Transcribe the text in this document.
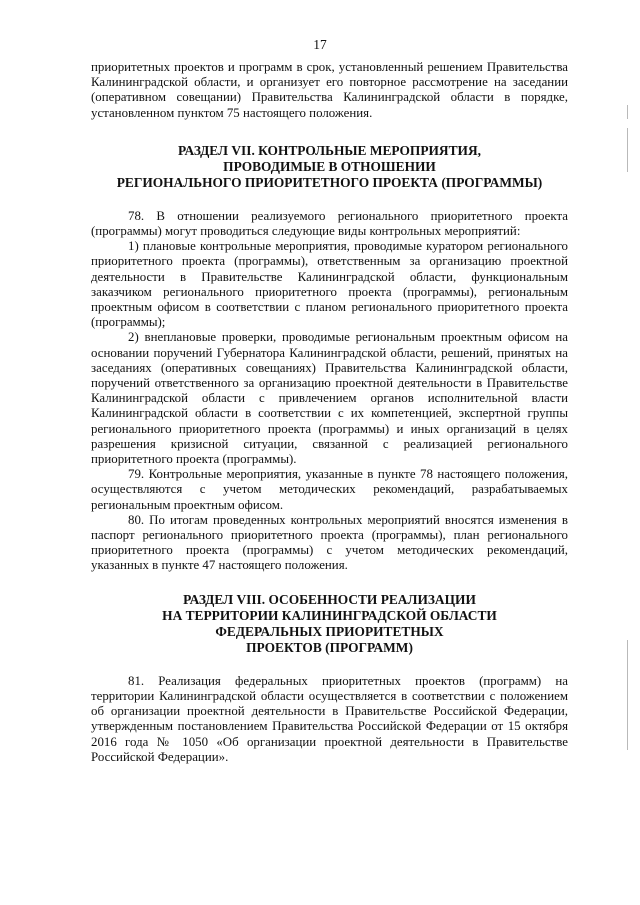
17

приоритетных проектов и программ в срок, установленный решением Правительства Калининградской области, и организует его повторное рассмотрение на заседании (оперативном совещании) Правительства Калининградской области в порядке, установленном пунктом 75 настоящего положения.

РАЗДЕЛ VII. КОНТРОЛЬНЫЕ МЕРОПРИЯТИЯ,
ПРОВОДИМЫЕ В ОТНОШЕНИИ
РЕГИОНАЛЬНОГО ПРИОРИТЕТНОГО ПРОЕКТА (ПРОГРАММЫ)

78. В отношении реализуемого регионального приоритетного проекта (программы) могут проводиться следующие виды контрольных мероприятий:

1) плановые контрольные мероприятия, проводимые куратором регионального приоритетного проекта (программы), ответственным за организацию проектной деятельности в Правительстве Калининградской области, функциональным заказчиком регионального приоритетного проекта (программы), региональным проектным офисом в соответствии с планом регионального приоритетного проекта (программы);

2) внеплановые проверки, проводимые региональным проектным офисом на основании поручений Губернатора Калининградской области, решений, принятых на заседаниях (оперативных совещаниях) Правительства Калининградской области, поручений ответственного за организацию проектной деятельности в Правительстве Калининградской области с привлечением органов исполнительной власти Калининградской области в соответствии с их компетенцией, экспертной группы регионального приоритетного проекта (программы) и иных организаций в целях разрешения кризисной ситуации, связанной с реализацией регионального приоритетного проекта (программы).

79. Контрольные мероприятия, указанные в пункте 78 настоящего положения, осуществляются с учетом методических рекомендаций, разрабатываемых региональным проектным офисом.

80. По итогам проведенных контрольных мероприятий вносятся изменения в паспорт регионального приоритетного проекта (программы), план регионального приоритетного проекта (программы) с учетом методических рекомендаций, указанных в пункте 47 настоящего положения.

РАЗДЕЛ VIII. ОСОБЕННОСТИ РЕАЛИЗАЦИИ
НА ТЕРРИТОРИИ КАЛИНИНГРАДСКОЙ ОБЛАСТИ
ФЕДЕРАЛЬНЫХ ПРИОРИТЕТНЫХ
ПРОЕКТОВ (ПРОГРАММ)

81. Реализация федеральных приоритетных проектов (программ) на территории Калининградской области осуществляется в соответствии с положением об организации проектной деятельности в Правительстве Российской Федерации, утвержденным постановлением Правительства Российской Федерации от 15 октября 2016 года № 1050 «Об организации проектной деятельности в Правительстве Российской Федерации».
